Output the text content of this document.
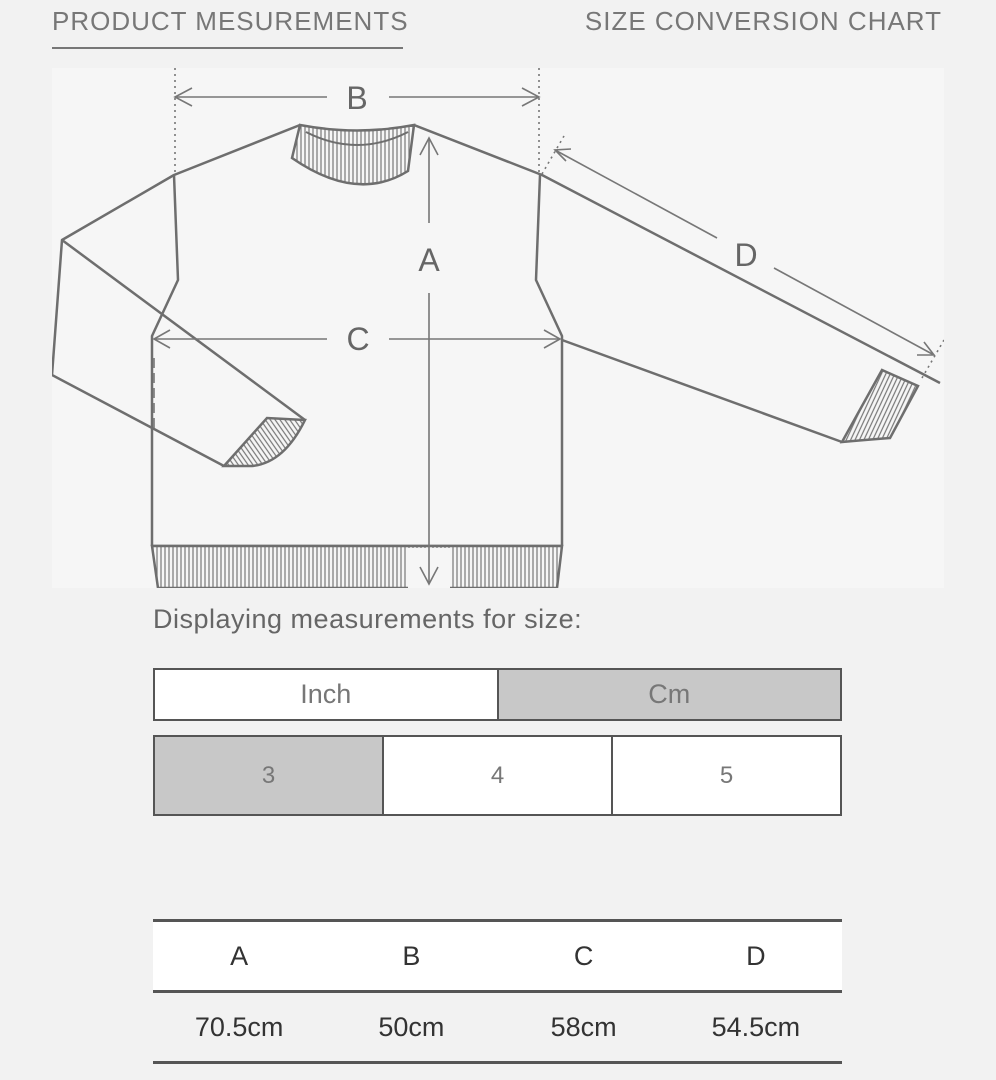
PRODUCT MESUREMENTS	SIZE CONVERSION CHART
B
A
C
D
Displaying measurements for size:
Inch	Cm
3	4	5
A	B	C	D
70.5cm	50cm	58cm	54.5cm
